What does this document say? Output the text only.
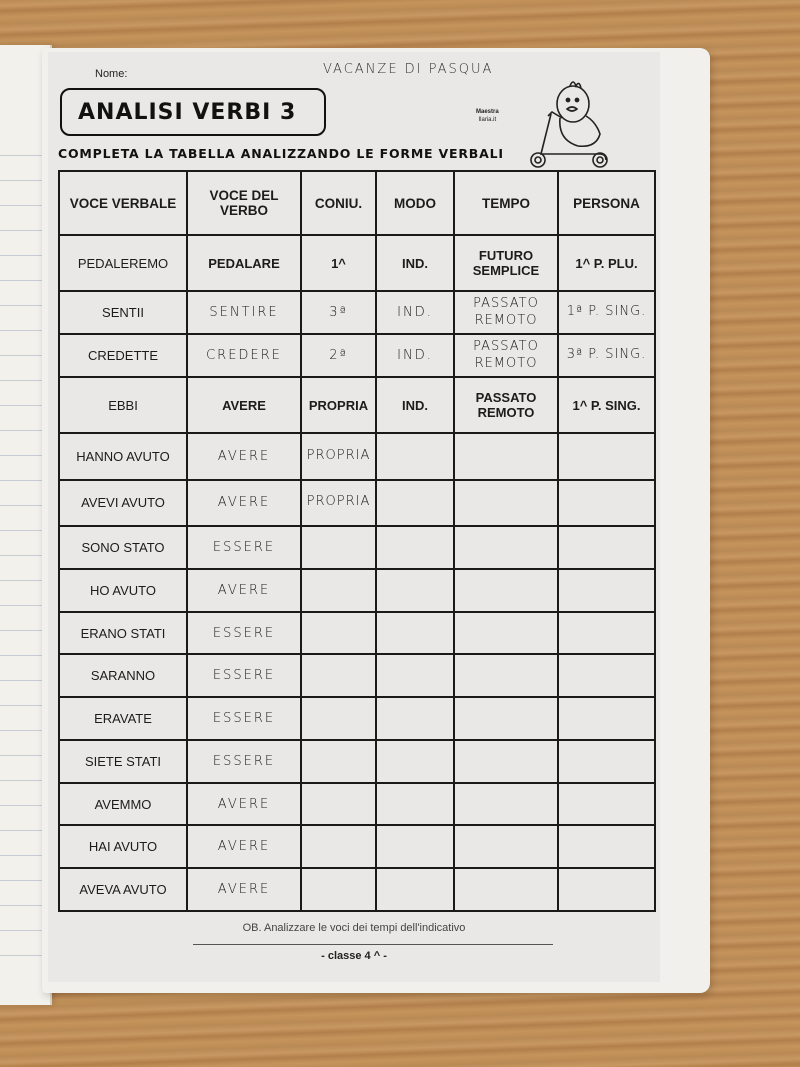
Nome:	VACANZE DI PASQUA
ANALISI VERBI 3	Maestra
Ilaria.it
COMPLETA LA TABELLA ANALIZZANDO LE FORME VERBALI
VOCE VERBALE	VOCE DEL VERBO	CONIU.	MODO	TEMPO	PERSONA
PEDALEREMO	PEDALARE	1^	IND.	FUTURO SEMPLICE	1^ P. PLU.
SENTII	SENTIRE	3ª	IND.	PASSATO REMOTO	1ª P. SING.
CREDETTE	CREDERE	2ª	IND.	PASSATO REMOTO	3ª P. SING.
EBBI	AVERE	PROPRIA	IND.	PASSATO REMOTO	1^ P. SING.
HANNO AVUTO	AVERE	PROPRIA			
AVEVI AVUTO	AVERE	PROPRIA			
SONO STATO	ESSERE				
HO AVUTO	AVERE				
ERANO STATI	ESSERE				
SARANNO	ESSERE				
ERAVATE	ESSERE				
SIETE STATI	ESSERE				
AVEMMO	AVERE				
HAI AVUTO	AVERE				
AVEVA AVUTO	AVERE				
OB. Analizzare le voci dei tempi dell'indicativo
- classe 4 ^ -
